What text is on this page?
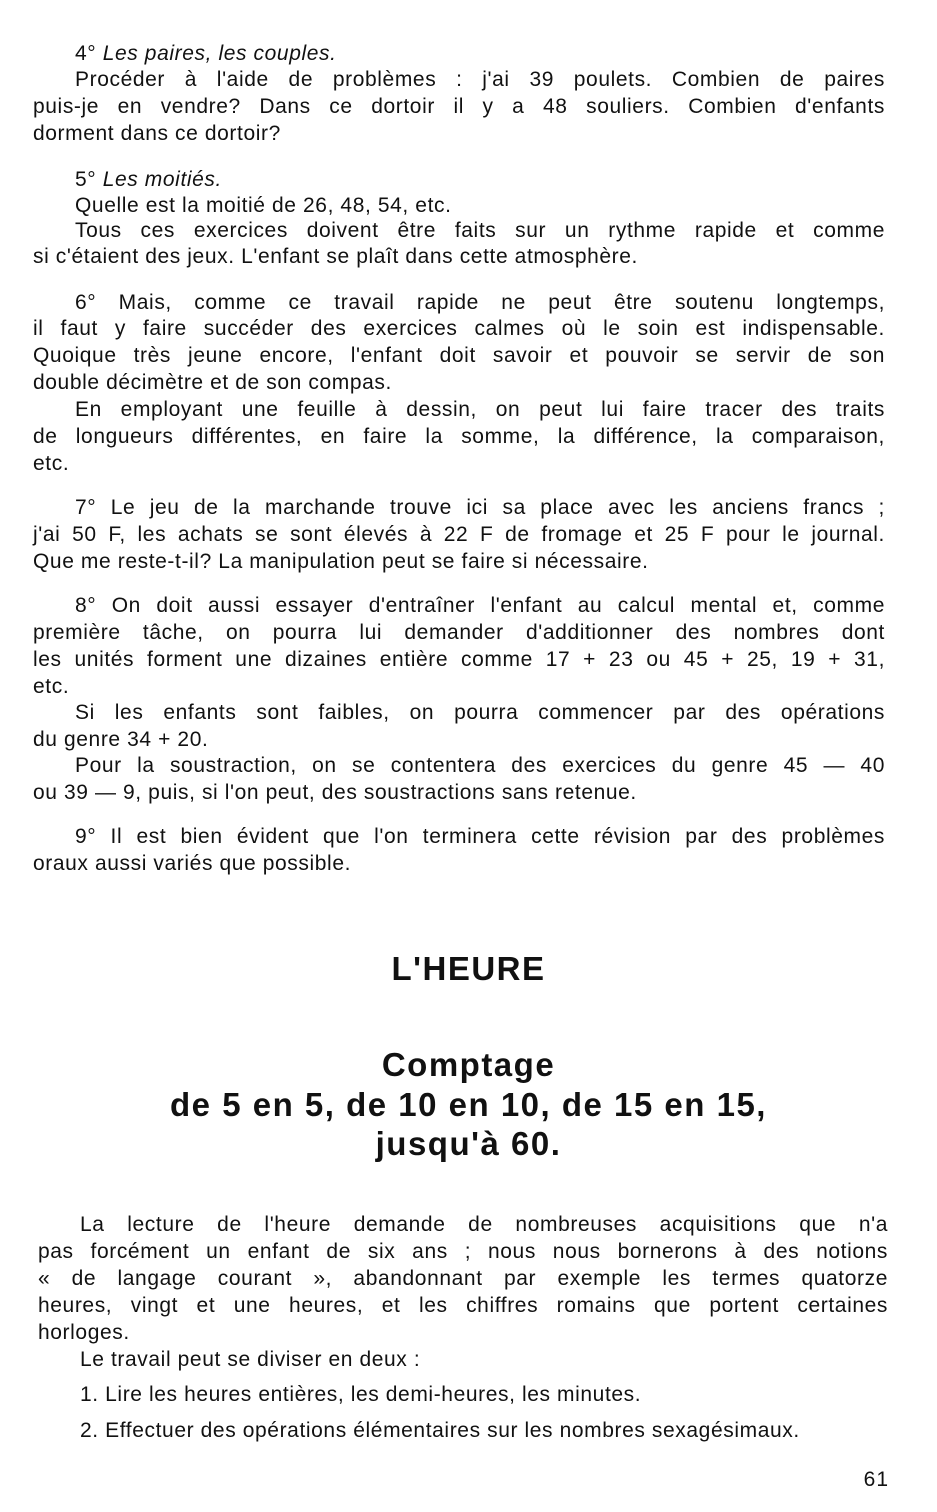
4° Les paires, les couples.
Procéder à l'aide de problèmes : j'ai 39 poulets. Combien de paires
puis-je en vendre? Dans ce dortoir il y a 48 souliers. Combien d'enfants
dorment dans ce dortoir?
5° Les moitiés.
Quelle est la moitié de 26, 48, 54, etc.
Tous ces exercices doivent être faits sur un rythme rapide et comme
si c'étaient des jeux. L'enfant se plaît dans cette atmosphère.
6° Mais, comme ce travail rapide ne peut être soutenu longtemps,
il faut y faire succéder des exercices calmes où le soin est indispensable.
Quoique très jeune encore, l'enfant doit savoir et pouvoir se servir de son
double décimètre et de son compas.
En employant une feuille à dessin, on peut lui faire tracer des traits
de longueurs différentes, en faire la somme, la différence, la comparaison,
etc.
7° Le jeu de la marchande trouve ici sa place avec les anciens francs ;
j'ai 50 F, les achats se sont élevés à 22 F de fromage et 25 F pour le journal.
Que me reste-t-il? La manipulation peut se faire si nécessaire.
8° On doit aussi essayer d'entraîner l'enfant au calcul mental et, comme
première tâche, on pourra lui demander d'additionner des nombres dont
les unités forment une dizaines entière comme 17 + 23 ou 45 + 25, 19 + 31,
etc.
Si les enfants sont faibles, on pourra commencer par des opérations
du genre 34 + 20.
Pour la soustraction, on se contentera des exercices du genre 45 — 40
ou 39 — 9, puis, si l'on peut, des soustractions sans retenue.
9° Il est bien évident que l'on terminera cette révision par des problèmes
oraux aussi variés que possible.
L'HEURE
Comptage
de 5 en 5, de 10 en 10, de 15 en 15,
jusqu'à 60.
La lecture de l'heure demande de nombreuses acquisitions que n'a
pas forcément un enfant de six ans ; nous nous bornerons à des notions
« de langage courant », abandonnant par exemple les termes quatorze
heures, vingt et une heures, et les chiffres romains que portent certaines
horloges.
Le travail peut se diviser en deux :
1. Lire les heures entières, les demi-heures, les minutes.
2. Effectuer des opérations élémentaires sur les nombres sexagésimaux.
61
